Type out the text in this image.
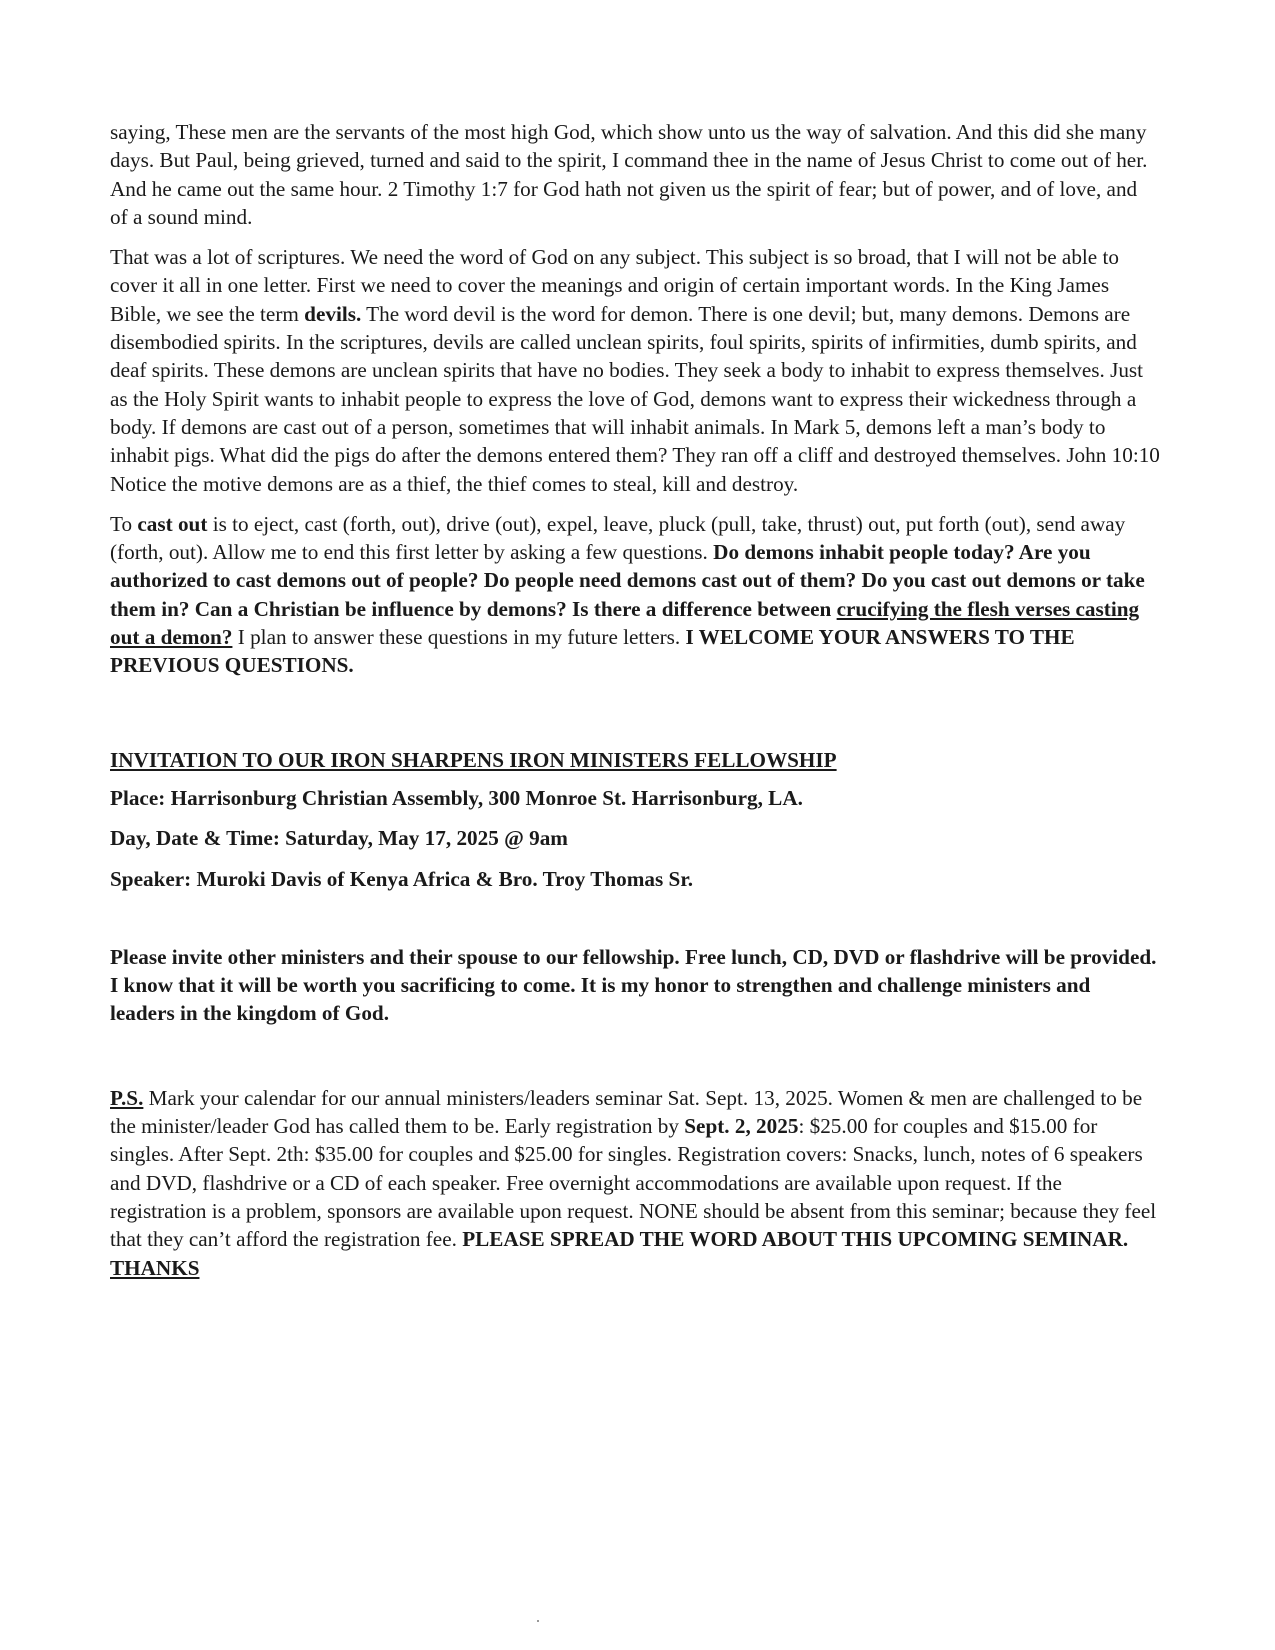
saying, These men are the servants of the most high God, which show unto us the way of salvation. And this did she many days. But Paul, being grieved, turned and said to the spirit, I command thee in the name of Jesus Christ to come out of her. And he came out the same hour. 2 Timothy 1:7 for God hath not given us the spirit of fear; but of power, and of love, and of a sound mind.

That was a lot of scriptures. We need the word of God on any subject. This subject is so broad, that I will not be able to cover it all in one letter. First we need to cover the meanings and origin of certain important words. In the King James Bible, we see the term devils. The word devil is the word for demon. There is one devil; but, many demons. Demons are disembodied spirits. In the scriptures, devils are called unclean spirits, foul spirits, spirits of infirmities, dumb spirits, and deaf spirits. These demons are unclean spirits that have no bodies. They seek a body to inhabit to express themselves. Just as the Holy Spirit wants to inhabit people to express the love of God, demons want to express their wickedness through a body. If demons are cast out of a person, sometimes that will inhabit animals. In Mark 5, demons left a man’s body to inhabit pigs. What did the pigs do after the demons entered them? They ran off a cliff and destroyed themselves. John 10:10 Notice the motive demons are as a thief, the thief comes to steal, kill and destroy.

To cast out is to eject, cast (forth, out), drive (out), expel, leave, pluck (pull, take, thrust) out, put forth (out), send away (forth, out). Allow me to end this first letter by asking a few questions. Do demons inhabit people today? Are you authorized to cast demons out of people? Do people need demons cast out of them? Do you cast out demons or take them in? Can a Christian be influence by demons? Is there a difference between crucifying the flesh verses casting out a demon? I plan to answer these questions in my future letters. I WELCOME YOUR ANSWERS TO THE PREVIOUS QUESTIONS.

INVITATION TO OUR IRON SHARPENS IRON MINISTERS FELLOWSHIP

Place: Harrisonburg Christian Assembly, 300 Monroe St. Harrisonburg, LA.

Day, Date & Time: Saturday, May 17, 2025 @ 9am

Speaker: Muroki Davis of Kenya Africa & Bro. Troy Thomas Sr.

Please invite other ministers and their spouse to our fellowship. Free lunch, CD, DVD or flashdrive will be provided. I know that it will be worth you sacrificing to come. It is my honor to strengthen and challenge ministers and leaders in the kingdom of God.

P.S. Mark your calendar for our annual ministers/leaders seminar Sat. Sept. 13, 2025. Women & men are challenged to be the minister/leader God has called them to be. Early registration by Sept. 2, 2025: $25.00 for couples and $15.00 for singles. After Sept. 2th: $35.00 for couples and $25.00 for singles. Registration covers: Snacks, lunch, notes of 6 speakers and DVD, flashdrive or a CD of each speaker. Free overnight accommodations are available upon request. If the registration is a problem, sponsors are available upon request. NONE should be absent from this seminar; because they feel that they can’t afford the registration fee. PLEASE SPREAD THE WORD ABOUT THIS UPCOMING SEMINAR. THANKS
